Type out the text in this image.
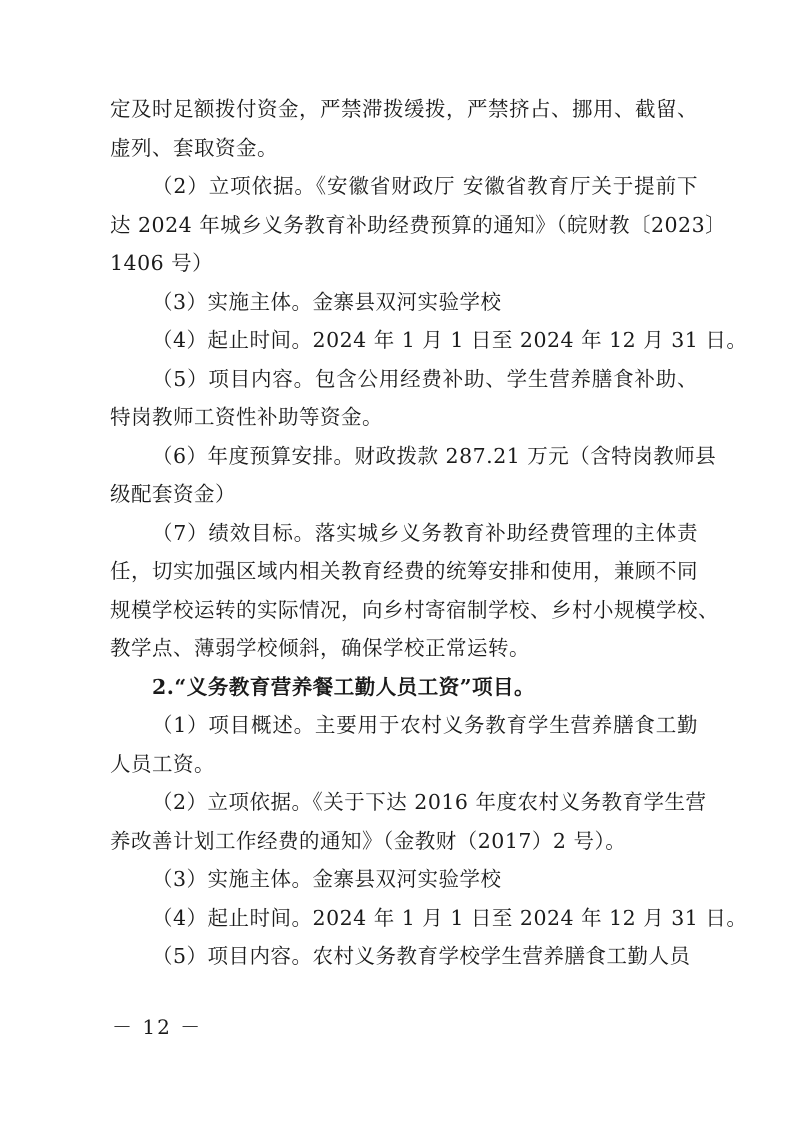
定及时足额拨付资金，严禁滞拨缓拨，严禁挤占、挪用、截留、
虚列、套取资金。
（2）立项依据。《安徽省财政厅 安徽省教育厅关于提前下
达 2024 年城乡义务教育补助经费预算的通知》（皖财教〔2023〕
1406 号）
（3）实施主体。金寨县双河实验学校
（4）起止时间。2024 年 1 月 1 日至 2024 年 12 月 31 日。
（5）项目内容。包含公用经费补助、学生营养膳食补助、
特岗教师工资性补助等资金。
（6）年度预算安排。财政拨款 287.21 万元（含特岗教师县
级配套资金）
（7）绩效目标。落实城乡义务教育补助经费管理的主体责
任，切实加强区域内相关教育经费的统筹安排和使用，兼顾不同
规模学校运转的实际情况，向乡村寄宿制学校、乡村小规模学校、
教学点、薄弱学校倾斜，确保学校正常运转。
2.“义务教育营养餐工勤人员工资”项目。
（1）项目概述。主要用于农村义务教育学生营养膳食工勤
人员工资。
（2）立项依据。《关于下达 2016 年度农村义务教育学生营
养改善计划工作经费的通知》（金教财（2017）2 号）。
（3）实施主体。金寨县双河实验学校
（4）起止时间。2024 年 1 月 1 日至 2024 年 12 月 31 日。
（5）项目内容。农村义务教育学校学生营养膳食工勤人员
－ 12 －
